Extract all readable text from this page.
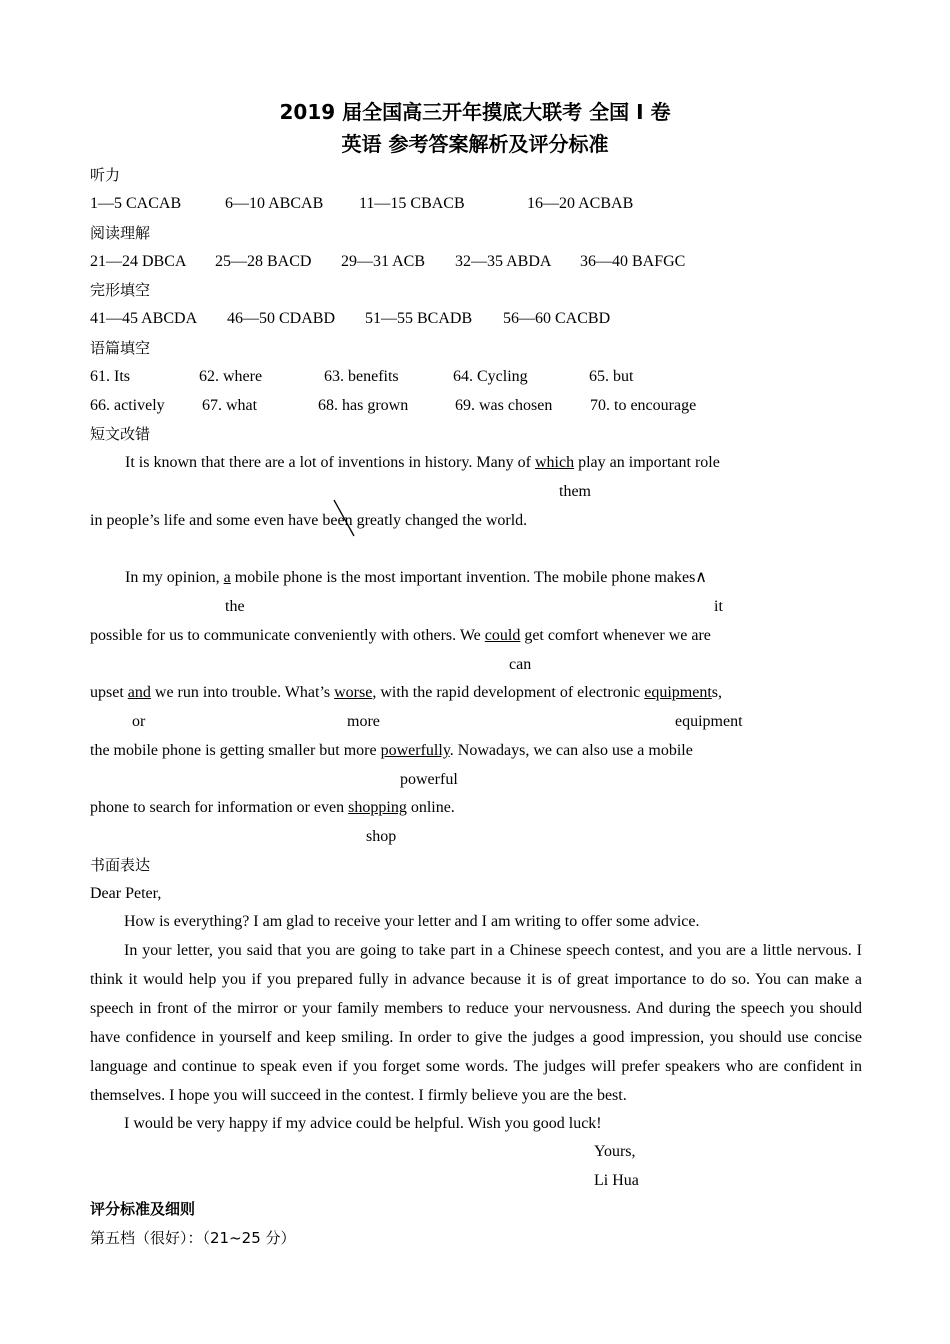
2019 届全国高三开年摸底大联考 全国 I 卷
英语 参考答案解析及评分标准
听力
1—5 CACAB	6—10 ABCAB 11—15 CBACB	16—20 ACBAB
阅读理解
21—24 DBCA 25—28 BACD 29—31 ACB 32—35 ABDA 36—40 BAFGC
完形填空
41—45 ABCDA 46—50 CDABD 51—55 BCADB 56—60 CACBD
语篇填空
61. Its	62. where	63. benefits	64. Cycling	65. but
66. actively 67. what	68. has grown	69. was chosen 70. to encourage
短文改错
It is known that there are a lot of inventions in history. Many of which play an important role
them
in people’s life and some even have been greatly changed the world.
In my opinion, a mobile phone is the most important invention. The mobile phone makes∧
the	it
possible for us to communicate conveniently with others. We could get comfort whenever we are
can
upset and we run into trouble. What’s worse, with the rapid development of electronic equipments,
or	more	equipment
the mobile phone is getting smaller but more powerfully. Nowadays, we can also use a mobile
powerful
phone to search for information or even shopping online.
shop
书面表达
Dear Peter,
How is everything? I am glad to receive your letter and I am writing to offer some advice.
In your letter, you said that you are going to take part in a Chinese speech contest, and you are a little nervous. I think it would help you if you prepared fully in advance because it is of great importance to do so. You can make a speech in front of the mirror or your family members to reduce your nervousness. And during the speech you should have confidence in yourself and keep smiling. In order to give the judges a good impression, you should use concise language and continue to speak even if you forget some words. The judges will prefer speakers who are confident in themselves. I hope you will succeed in the contest. I firmly believe you are the best.
I would be very happy if my advice could be helpful. Wish you good luck!
Yours,
Li Hua
评分标准及细则
第五档（很好）：（21~25 分）
